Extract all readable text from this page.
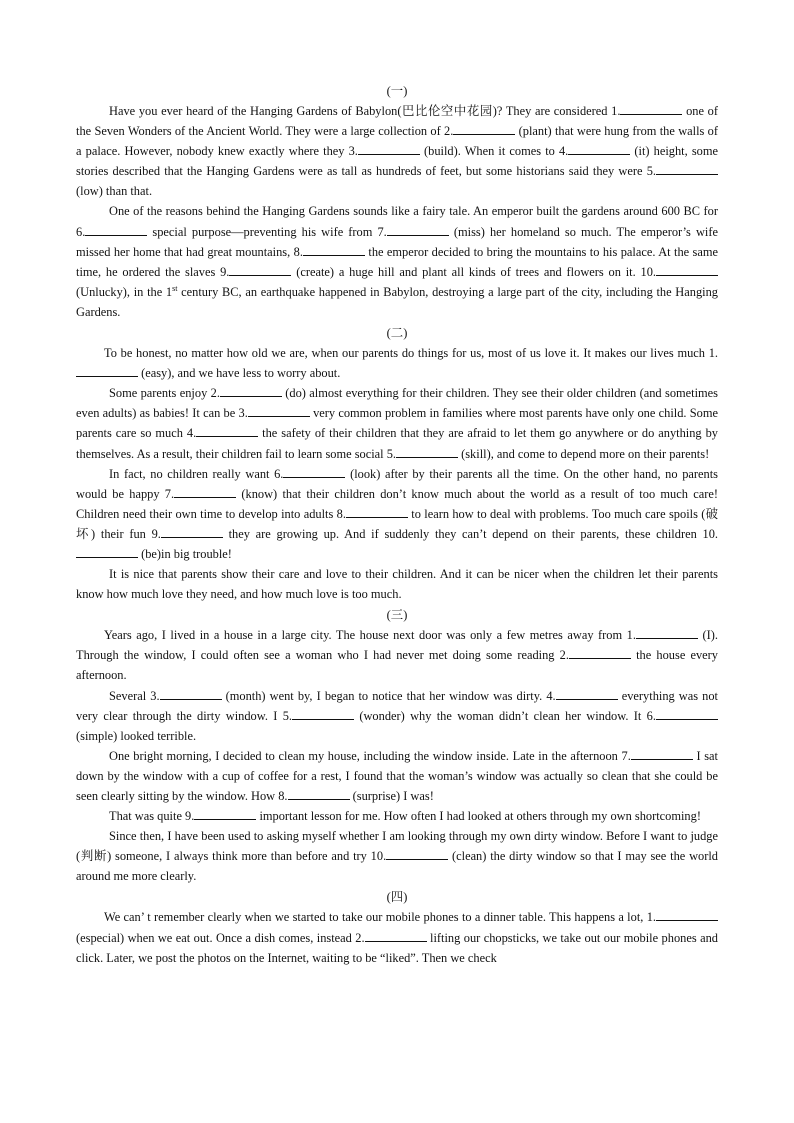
(一)

Have you ever heard of the Hanging Gardens of Babylon(巴比伦空中花园)? They are considered 1.	one of the Seven Wonders of the Ancient World. They were a large collection of 2.	(plant) that were hung from the walls of a palace. However, nobody knew exactly where they 3.	(build). When it comes to 4.	(it) height, some stories described that the Hanging Gardens were as tall as hundreds of feet, but some historians said they were 5. (low) than that.

One of the reasons behind the Hanging Gardens sounds like a fairy tale. An emperor built the gardens around 600 BC for 6.	special purpose—preventing his wife from 7.	(miss) her homeland so much. The emperor’s wife missed her home that had great mountains, 8.	the emperor decided to bring the mountains to his palace. At the same time, he ordered the slaves 9.	(create) a huge hill and plant all kinds of trees and flowers on it. 10. (Unlucky), in the 1st century BC, an earthquake happened in Babylon, destroying a large part of the city, including the Hanging Gardens.

(二)

To be honest, no matter how old we are, when our parents do things for us, most of us love it. It makes our lives much 1. (easy), and we have less to worry about.

Some parents enjoy 2.	(do) almost everything for their children. They see their older children (and sometimes even adults) as babies! It can be 3.	very common problem in families where most parents have only one child. Some parents care so much 4.	the safety of their children that they are afraid to let them go anywhere or do anything by themselves. As a result, their children fail to learn some social 5.	(skill), and come to depend more on their parents!

In fact, no children really want 6.	(look) after by their parents all the time. On the other hand, no parents would be happy 7.	(know) that their children don’t know much about the world as a result of too much care! Children need their own time to develop into adults 8.	to learn how to deal with problems. Too much care spoils (破坏) their fun 9.	they are growing up. And if suddenly they can’t depend on their parents, these children 10. (be)in big trouble!

It is nice that parents show their care and love to their children. And it can be nicer when the children let their parents know how much love they need, and how much love is too much.

(三)

Years ago, I lived in a house in a large city. The house next door was only a few metres away from 1.	(I). Through the window, I could often see a woman who I had never met doing some reading 2.	the house every afternoon.

Several 3.	(month) went by, I began to notice that her window was dirty. 4.	everything was not very clear through the dirty window. I 5.	(wonder) why the woman didn’t clean her window. It 6. (simple) looked terrible.

One bright morning, I decided to clean my house, including the window inside. Late in the afternoon 7.	I sat down by the window with a cup of coffee for a rest, I found that the woman’s window was actually so clean that she could be seen clearly sitting by the window. How 8.	(surprise) I was!

That was quite 9.	important lesson for me. How often I had looked at others through my own shortcoming!

Since then, I have been used to asking myself whether I am looking through my own dirty window. Before I want to judge (判断) someone, I always think more than before and try 10.	(clean) the dirty window so that I may see the world around me more clearly.

(四)

We can’ t remember clearly when we started to take our mobile phones to a dinner table. This happens a lot, 1. (especial) when we eat out. Once a dish comes, instead 2.	lifting our chopsticks, we take out our mobile phones and click. Later, we post the photos on the Internet, waiting to be “liked”. Then we check
